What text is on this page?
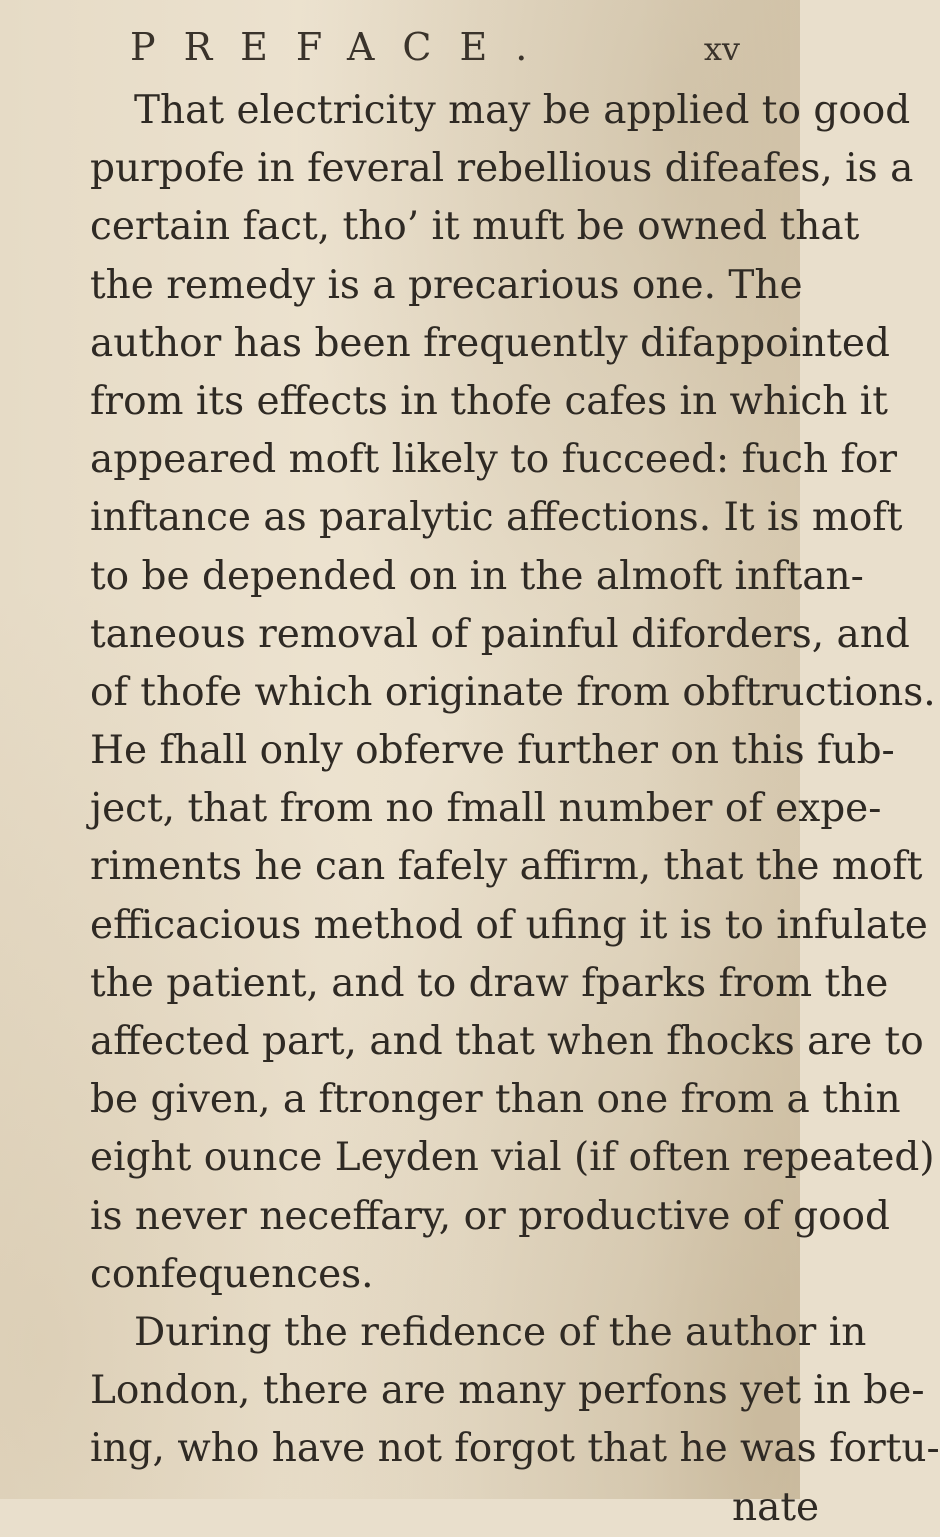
PREFACE.	xv
That electricity may be applied to good
purpofe in feveral rebellious difeafes, is a
certain fact, tho’ it muft be owned that
the remedy is a precarious one. The
author has been frequently difappointed
from its effects in thofe cafes in which it
appeared moft likely to fucceed: fuch for
inftance as paralytic affections. It is moft
to be depended on in the almoft inftan-
taneous removal of painful diforders, and
of thofe which originate from obftructions.
He fhall only obferve further on this fub-
ject, that from no fmall number of expe-
riments he can fafely affirm, that the moft
efficacious method of ufing it is to infulate
the patient, and to draw fparks from the
affected part, and that when fhocks are to
be given, a ftronger than one from a thin
eight ounce Leyden vial (if often repeated)
is never neceffary, or productive of good
confequences.
During the refidence of the author in
London, there are many perfons yet in be-
ing, who have not forgot that he was fortu-
nate
